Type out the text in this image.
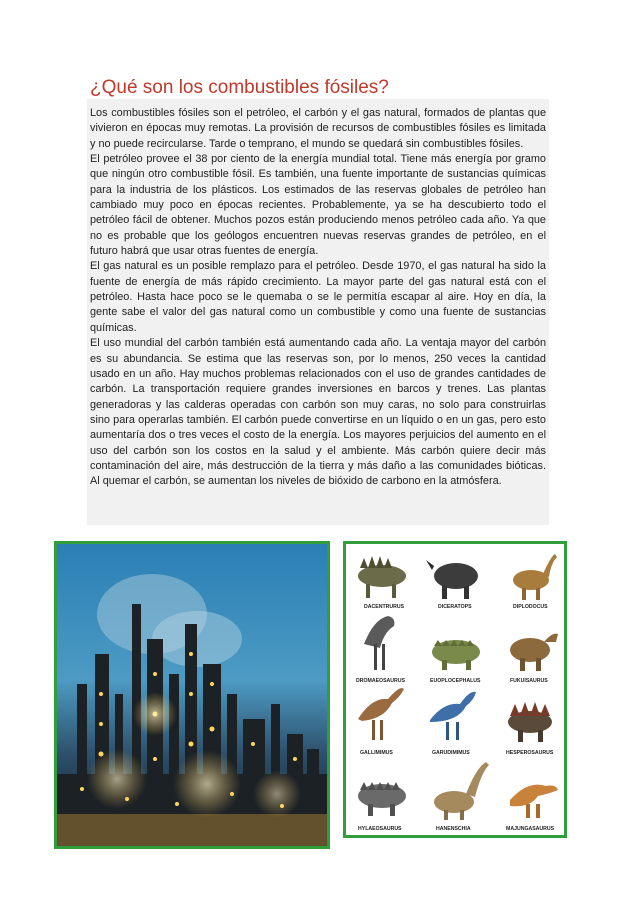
¿Qué son los combustibles fósiles?

Los combustibles fósiles son el petróleo, el carbón y el gas natural, formados de plantas que vivieron en épocas muy remotas. La provisión de recursos de combustibles fósiles es limitada y no puede recircularse. Tarde o temprano, el mundo se quedará sin combustibles fósiles.

El petróleo provee el 38 por ciento de la energía mundial total. Tiene más energía por gramo que ningún otro combustible fósil. Es también, una fuente importante de sustancias químicas para la industria de los plásticos. Los estimados de las reservas globales de petróleo han cambiado muy poco en épocas recientes. Probablemente, ya se ha descubierto todo el petróleo fácil de obtener. Muchos pozos están produciendo menos petróleo cada año. Ya que no es probable que los geólogos encuentren nuevas reservas grandes de petróleo, en el futuro habrá que usar otras fuentes de energía.

El gas natural es un posible remplazo para el petróleo. Desde 1970, el gas natural ha sido la fuente de energía de más rápido crecimiento. La mayor parte del gas natural está con el petróleo. Hasta hace poco se le quemaba o se le permitía escapar al aire. Hoy en día, la gente sabe el valor del gas natural como un combustible y como una fuente de sustancias químicas.

El uso mundial del carbón también está aumentando cada año. La ventaja mayor del carbón es su abundancia. Se estima que las reservas son, por lo menos, 250 veces la cantidad usado en un año. Hay muchos problemas relacionados con el uso de grandes cantidades de carbón. La transportación requiere grandes inversiones en barcos y trenes. Las plantas generadoras y las calderas operadas con carbón son muy caras, no solo para construirlas sino para operarlas también. El carbón puede convertirse en un líquido o en un gas, pero esto aumentaría dos o tres veces el costo de la energía. Los mayores perjuicios del aumento en el uso del carbón son los costos en la salud y el ambiente. Más carbón quiere decir más contaminación del aire, más destrucción de la tierra y más daño a las comunidades bióticas. Al quemar el carbón, se aumentan los niveles de bióxido de carbono en la atmósfera.

DACENTRURUS	DICERATOPS	DIPLODOCUS
DROMAEOSAURUS	EUOPLOCEPHALUS	FUKUISAURUS
GALLIMIMUS	GARUDIMIMUS	HESPEROSAURUS
HYLAEOSAURUS	HANENSCHIA	MAJUNGASAURUS
